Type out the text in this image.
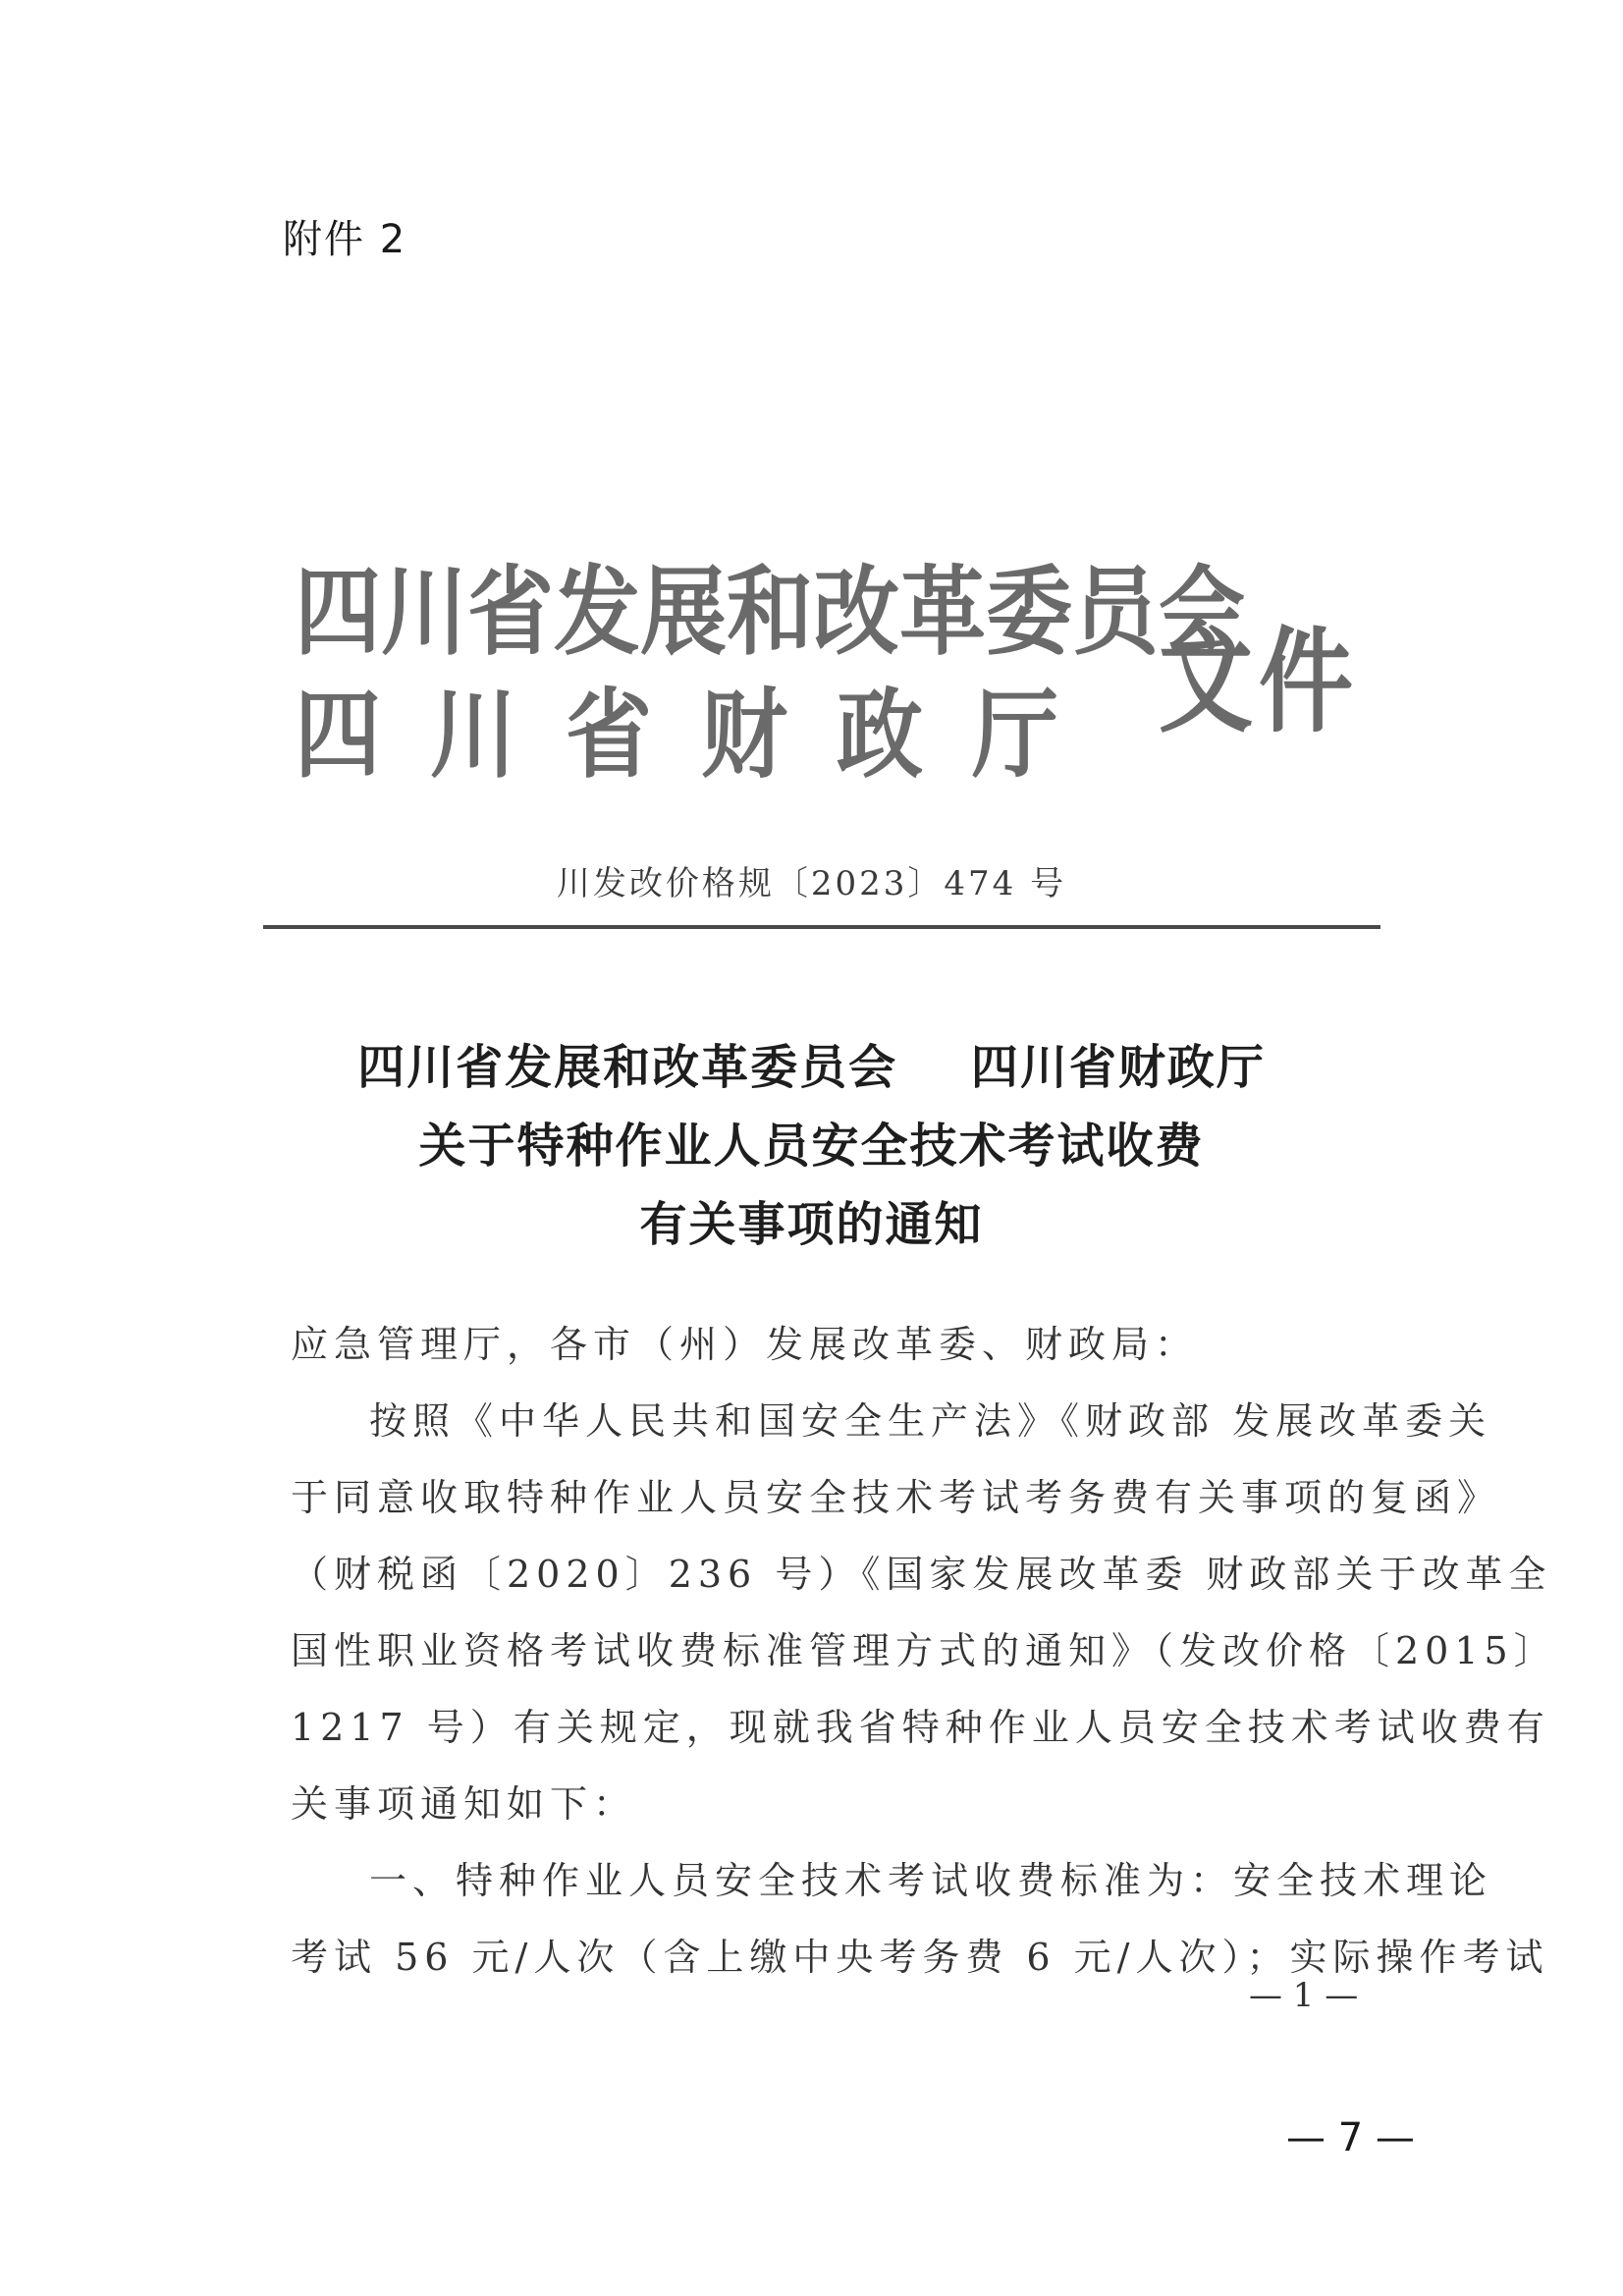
附件 2
四川省发展和改革委员会
四川省财政厅 文件
川发改价格规〔2023〕474 号
四川省发展和改革委员会    四川省财政厅
关于特种作业人员安全技术考试收费
有关事项的通知
应急管理厅，各市（州）发展改革委、财政局：
按照《中华人民共和国安全生产法》《财政部 发展改革委关
于同意收取特种作业人员安全技术考试考务费有关事项的复函》
（财税函〔2020〕236 号）《国家发展改革委 财政部关于改革全
国性职业资格考试收费标准管理方式的通知》（发改价格〔2015〕
1217 号）有关规定，现就我省特种作业人员安全技术考试收费有
关事项通知如下：
一、特种作业人员安全技术考试收费标准为：安全技术理论
考试 56 元/人次（含上缴中央考务费 6 元/人次）；实际操作考试
— 1 —
— 7 —
